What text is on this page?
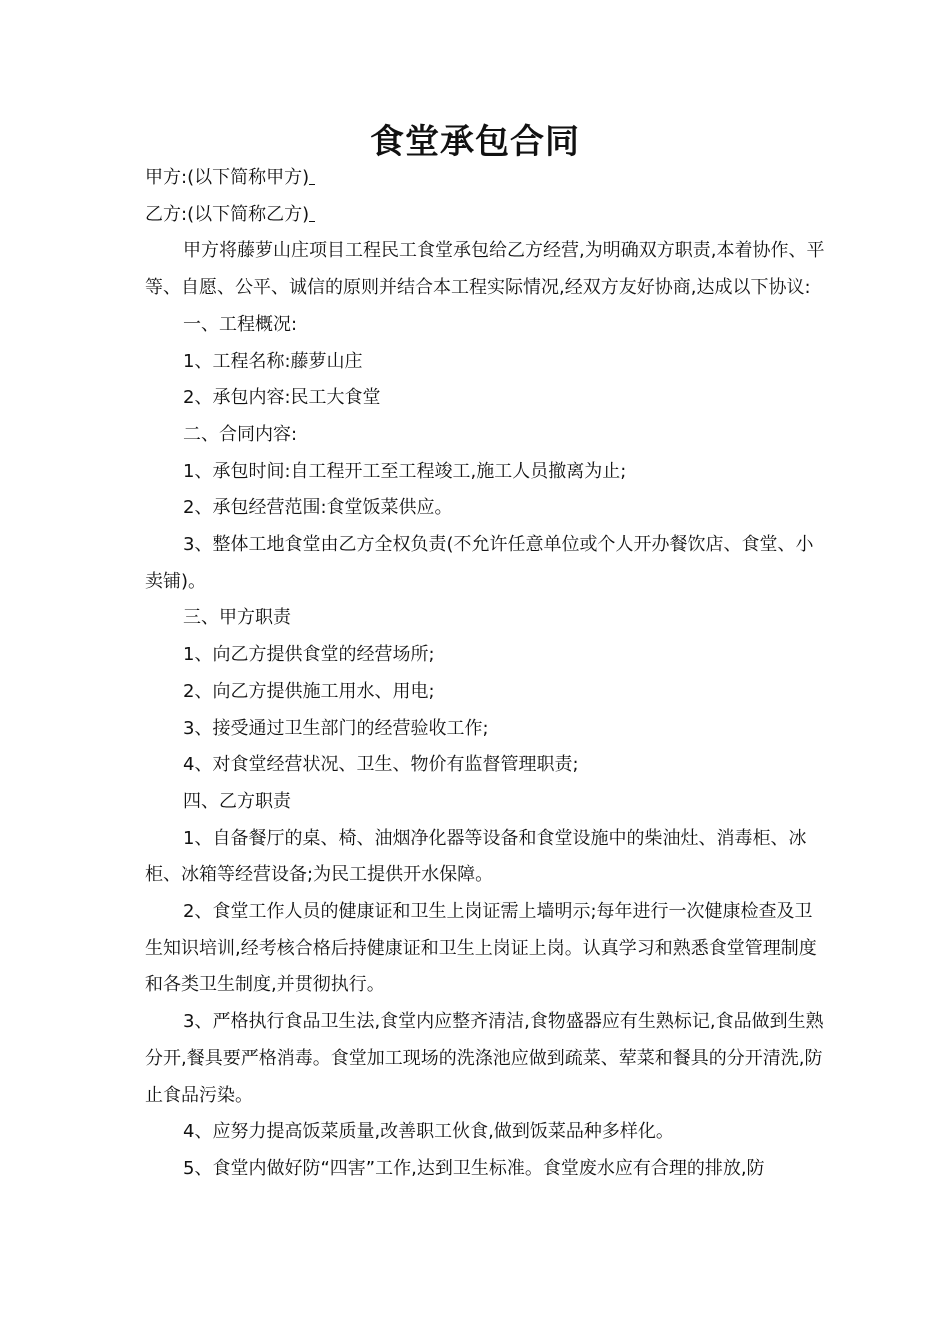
食堂承包合同

甲方:(以下简称甲方)

乙方:(以下简称乙方)

甲方将藤萝山庄项目工程民工食堂承包给乙方经营,为明确双方职责,本着协作、平等、自愿、公平、诚信的原则并结合本工程实际情况,经双方友好协商,达成以下协议:

一、工程概况:

1、工程名称:藤萝山庄

2、承包内容:民工大食堂

二、合同内容:

1、承包时间:自工程开工至工程竣工,施工人员撤离为止;

2、承包经营范围:食堂饭菜供应。

3、整体工地食堂由乙方全权负责(不允许任意单位或个人开办餐饮店、食堂、小卖铺)。

三、甲方职责

1、向乙方提供食堂的经营场所;

2、向乙方提供施工用水、用电;

3、接受通过卫生部门的经营验收工作;

4、对食堂经营状况、卫生、物价有监督管理职责;

四、乙方职责

1、自备餐厅的桌、椅、油烟净化器等设备和食堂设施中的柴油灶、消毒柜、冰柜、冰箱等经营设备;为民工提供开水保障。

2、食堂工作人员的健康证和卫生上岗证需上墙明示;每年进行一次健康检查及卫生知识培训,经考核合格后持健康证和卫生上岗证上岗。认真学习和熟悉食堂管理制度和各类卫生制度,并贯彻执行。

3、严格执行食品卫生法,食堂内应整齐清洁,食物盛器应有生熟标记,食品做到生熟分开,餐具要严格消毒。食堂加工现场的洗涤池应做到疏菜、荤菜和餐具的分开清洗,防止食品污染。

4、应努力提高饭菜质量,改善职工伙食,做到饭菜品种多样化。

5、食堂内做好防“四害”工作,达到卫生标准。食堂废水应有合理的排放,防
